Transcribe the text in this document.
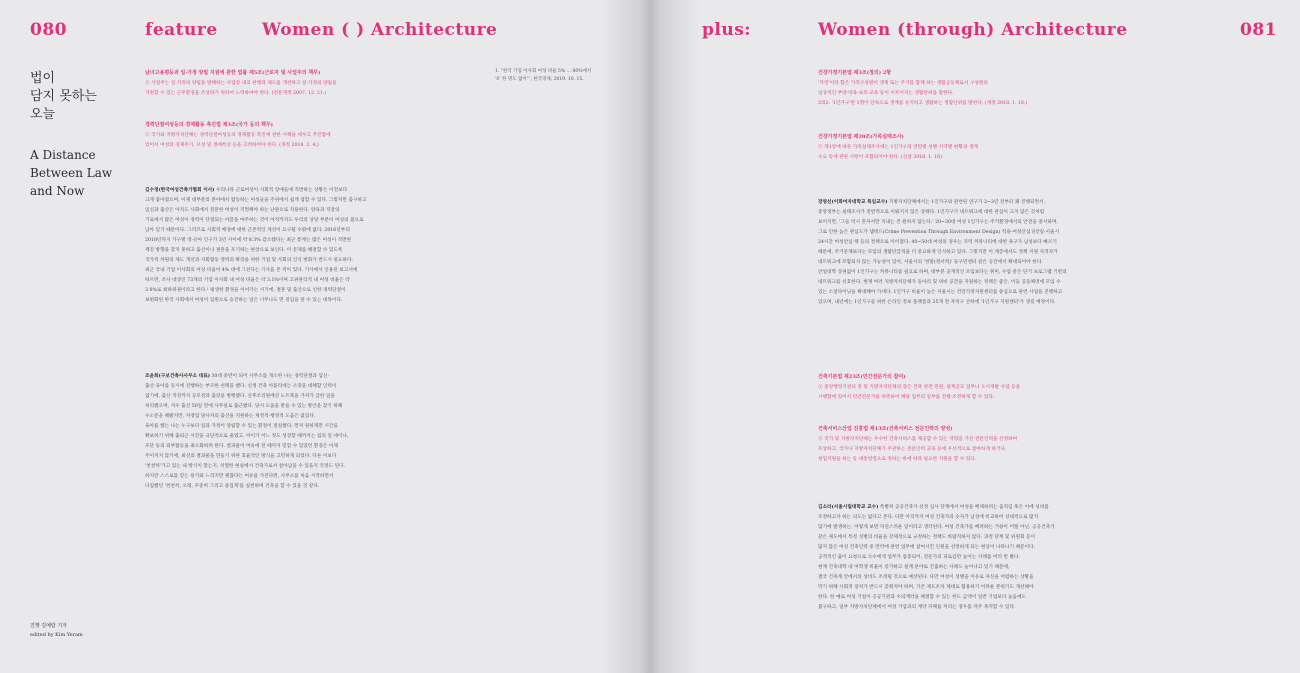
080	feature	Women ( ) Architecture
법이
담지 못하는
오늘
A Distance
Between Law
and Now
진행 김예람 기자
edited by Kim Yeram
1. “한국 기업 이사회 여성 비율 5% … 80%에서 ‘0’ 한 명도 없어’”, 한국경제, 2019. 10. 15.
남녀고용평등과 일·가정 양립 지원에 관한 법률 제5조(근로자 및 사업주의 책무)
③ 사업주는 일·가정의 양립을 방해하는 사업장 내의 관행과 제도를 개선하고 일·가정의 양립을
지원할 수 있는 근무환경을 조성하기 위하여 노력하여야 한다. (전문개정 2007. 12. 21.)
경력단절여성등의 경제활동 촉진법 제3조(국가 등의 책무)
② 국가와 지방자치단체는 경력단절여성등의 경제활동 촉진에 관한 시책을 세우고 추진함에
있어서 여성의 경제주기, 모성 및 생애특성 등을 고려하여야 한다. (개정 2018. 2. 4.)
김수정(한국여성건축가협회 이사) 우리나라 근로여성이 사회적 장애들에 직면하는 상황은 이전보다
크게 좋아졌으며, 이제 대부분의 분야에서 활동하는 여성들을 주위에서 쉽게 접할 수 있다. 그렇지만 출구하고
임신과 출산은 아직도 사회에서 전문한 여성이 직면해야 하는 난관으로 작용한다. 양육과 직장의
기로에서 많은 여성이 경력이 단절되는 아픔을 마주하는 것이 아직까지도 우리의 상당 부분이 여성의 몫으로
남아 있기 때문이다. 그러므로 사회적 배경에 대한 근본적인 개선이 요구될 수밖에 없다. 2016년부터
2018년까지 가구별 영·유아 인구가 3년 사이에 약 8.3% 감소했다는 최근 통계는 많은 여성이 직면한
깨진 방향을 찾지 못하고 출산이나 결혼을 포기하는 현상으로 보인다. 이 문제를 해결할 수 있도록
국가적 차원의 제도 개선과 사회활동 영역의 확장을 위한 기업 및 사회의 인식 변화가 반드시 필요하다.
최근 국내 기업 이사회의 여성 비율이 4% 대에 그친다는 기사를 본 적이 있다. 기사에서 인용된 보고서에
따르면, 조사 대상인 73개의 기업 이사회 내 여성 비율은 약 3.1%이며 고위관리직 내 여성 비율은 약
3.9%로 최하위권이라고 한다.¹ 평생한 환경을 이어가는 시기에, 결혼 및 출산으로 인한 경력단절이
보편화된 한국 사회에서 여성이 임원으로 승진하는 일은 너무나도 먼 길임을 알 수 있는 대목이다.
조윤희(구보건축사사무소 대표) 30대 중반이 되어 사무소를 개소한 나는 경력단절과 임신·
출산·육아를 동시에 진행하는 부모한 선택을 했다. 신생 건축 아틀리에는 소장을 대체할 인력이
없기에, 출산 직전까지 공모전과 출장을 병행했다. 산후조리원에선 노트북을 가져가 급한 일을
처리했으며, 겨우 출산 50일 만에 사무실로 출근했다. 당시 도움을 받을 수 있는 방안을 찾기 위해
수소문을 해봤지만, 자영업 당사자의 출산을 지원하는 제정적·행정적 도움은 없었다.
육아를 했는 나는 누구보다 일과 가정이 양립할 수 있는 환경이 절실했다. 먼저 원하게만 시간을
확보하기 위해 출퇴근 시간을 극단적으로 줄였고, 아이가 어느 정도 성장할 때까지는 집의 일 세이나,
포단 등의 외부활동을 최소화하려 한다. 결과물이 여유에 된 때까지 믿할 수 있었던 환경은 이제
주어지지 않기에, 최선의 결과물을 만들기 위한 효율적인 방식을 고민하게 되었다. 다른 이보다
'천천히'가고 있는 내 방식이 맞는지, 치열한 현실에서 건축가로서 살아남을 수 있을지 걱정도 된다.
하지만 스스로를 믿는 용기와 느리지만 괜찮다는 여유를 가진다면, 사무소를 처음 시작하면서
다짐했던 '천천히, 오래, 꾸준히 그리고 즐겁게'를 실천하며 건축을 할 수 있을 것 같다.
plus:	Women (through) Architecture	081
건강가정기본법 제3조(정의) 2항
'가정'이라 함은 가족구성원이 생계 또는 주거를 함께 하는 생활공동체로서 구성원의
일상적인 부양·양육·보호·교육 등이 이루어지는 생활단위를 말한다.
2의2. '1인가구'란 1명이 단독으로 생계를 유지하고 생활하는 생활단위를 말한다. (개정 2018. 1. 16.)
건강가정기본법 제20조(가족실태조사)
② 제1항에 따른 가족실태조사에는 1인가구의 연령별·성별·지역별 현황과 생계
수요 등에 관한 사항이 포함되어야 한다. (신설 2018. 1. 16)
장영선(이화여자대학교 특임교수) 지방자치단체에서는 1인가구와 관련된 연구가 2~3년 전부터 꽤 진행되면서,
중앙정부는 실태조사가 전반적으로 이뤄지지 않은 상태다. 1인가구가 네트워크에 대한 관심이 크지 않은 것처럼
보이지만, '그들 역시 혼자서만 지내는 건 원하지 않는다.' 20~30대 여성 1인가구는 주거환경에서의 안전을 중시하며,
그로 인한 높은 관심도가 셉테드(Crime Prevention Through Environment Design) 적용·여성안심귀갓길·서울시
24시간 여성안심 택 등의 정책으로 이어졌다. 40~50대 여성의 경우는 지역 커뮤니티에 대한 욕구가 남성보다 빠르기
때문에, 주거문제보다는 모임의 생활단급적을 더 중요하게 인식하고 있다. 그렇지만 이 계층에서도 정책 지원 자격자가
네트워크에 포함되지 않는 가능성이 있어, 서울시의 '정말(정서적)' 등구민센터 같은 공간에서 확대되어야 한다.
안일대학 상권없이 1인가구는 커뮤니티를 필요로 하며, 대부분 공개적인 모임보다는 취미, 수업 같은 단기 프로그램 기반의
네트워크를 선호한다. 현재 여러 지방자치단체가 동아리 및 위비 공간을 지원하는 정책은 좋은, 이들 공동체영에 모임 수
있는 소셜다이닝을 확대해야 가세다. 1인가구 비율이 높은 서울시는 건강가정지원센터를 중심으로 관련 사업을 진행하고
있으며, 내년에는 1인가구를 위한 온라인 정보 플랫폼과 25개 전 자치구 산하에 '1인가구 지원센터'가 생길 예정이다.
건축기본법 제23조(민간전문가의 참여)
① 중앙행정기관의 장 및 지방자치단체의 장은 건축 관련 민원, 설계공모 업무나 도시개발 사업 등을
시행함에 있어서 민간전문가를 위촉하여 해당 업무의 일부를 진행·조정하게 할 수 있다.
건축서비스산업 진흥법 제13조(건축서비스 전문인력의 양성)
③ 국가 및 지방자치단체는 우수한 건축서비스를 제공할 수 있는 역량을 가진 전문인력을 선정하여
포상하고, 국가나 지방자치단체가 주관하는 전문인력 교육 등에 우선적으로 참여하게 하거나
창업지원을 하는 등 대통령령으로 정하는 바에 따라 필요한 지원을 할 수 있다.
김소라(서울시립대학교 교수) 특별히 공공건축가 선정 심사 단계에서 여성을 배제하려는 움직임 혹은 이에 성비를
조정하고자 하는 의도는 없다고 본다. 다만 아직까지 여성 건축가의 숫자가 남성에 비교하여 상대적으로 많지
않기에 발생하는, 어떻게 보면 자연스러운 일이라고 생각된다. 여성 건축가를 배려하는 거창이 어떨 아닌, 공공건축가
같은 제도에서 특정 성별의 비율을 강제적으로 규정하는 정책도 바람직하지 않다. 과정 단계 및 위원회 등이
많지 않은 여성 건축인력 중 만약에 관련 업무에 참여시킨 인원을 선정하게 되는 현상이 나타나기 때문이다.
공적적인 출이 요청으로 소수에게 업무가 집중되어, 전문가의 피로감만 높이는 사례를 여러 번 봤다.
현재 건축대학 내 여학생 비율이 증가하고 설계 분야로 진출하는 사례도 늘어나고 있기 때문에,
결국 건축계 안에서의 성비도 조정될 것으로 예상된다. 다만 여성이 성별을 이유로 자신을 어렵하는 상황을
막기 위해 사회적 장치가 반드시 갖춰져야 하며, 기존 제도조차 제대로 활용하기 어려운 분위기도 개선해야
한다. 한 예로 여성 기업이 공공기관과 수의계약을 체결할 수 있는 한도 금액이 일반 기업보다 높음에도
불구하고, 일부 지방자치단체에서 여성 기업과의 계약 자체를 꺼리는 경우를 자주 목격할 수 있다.
